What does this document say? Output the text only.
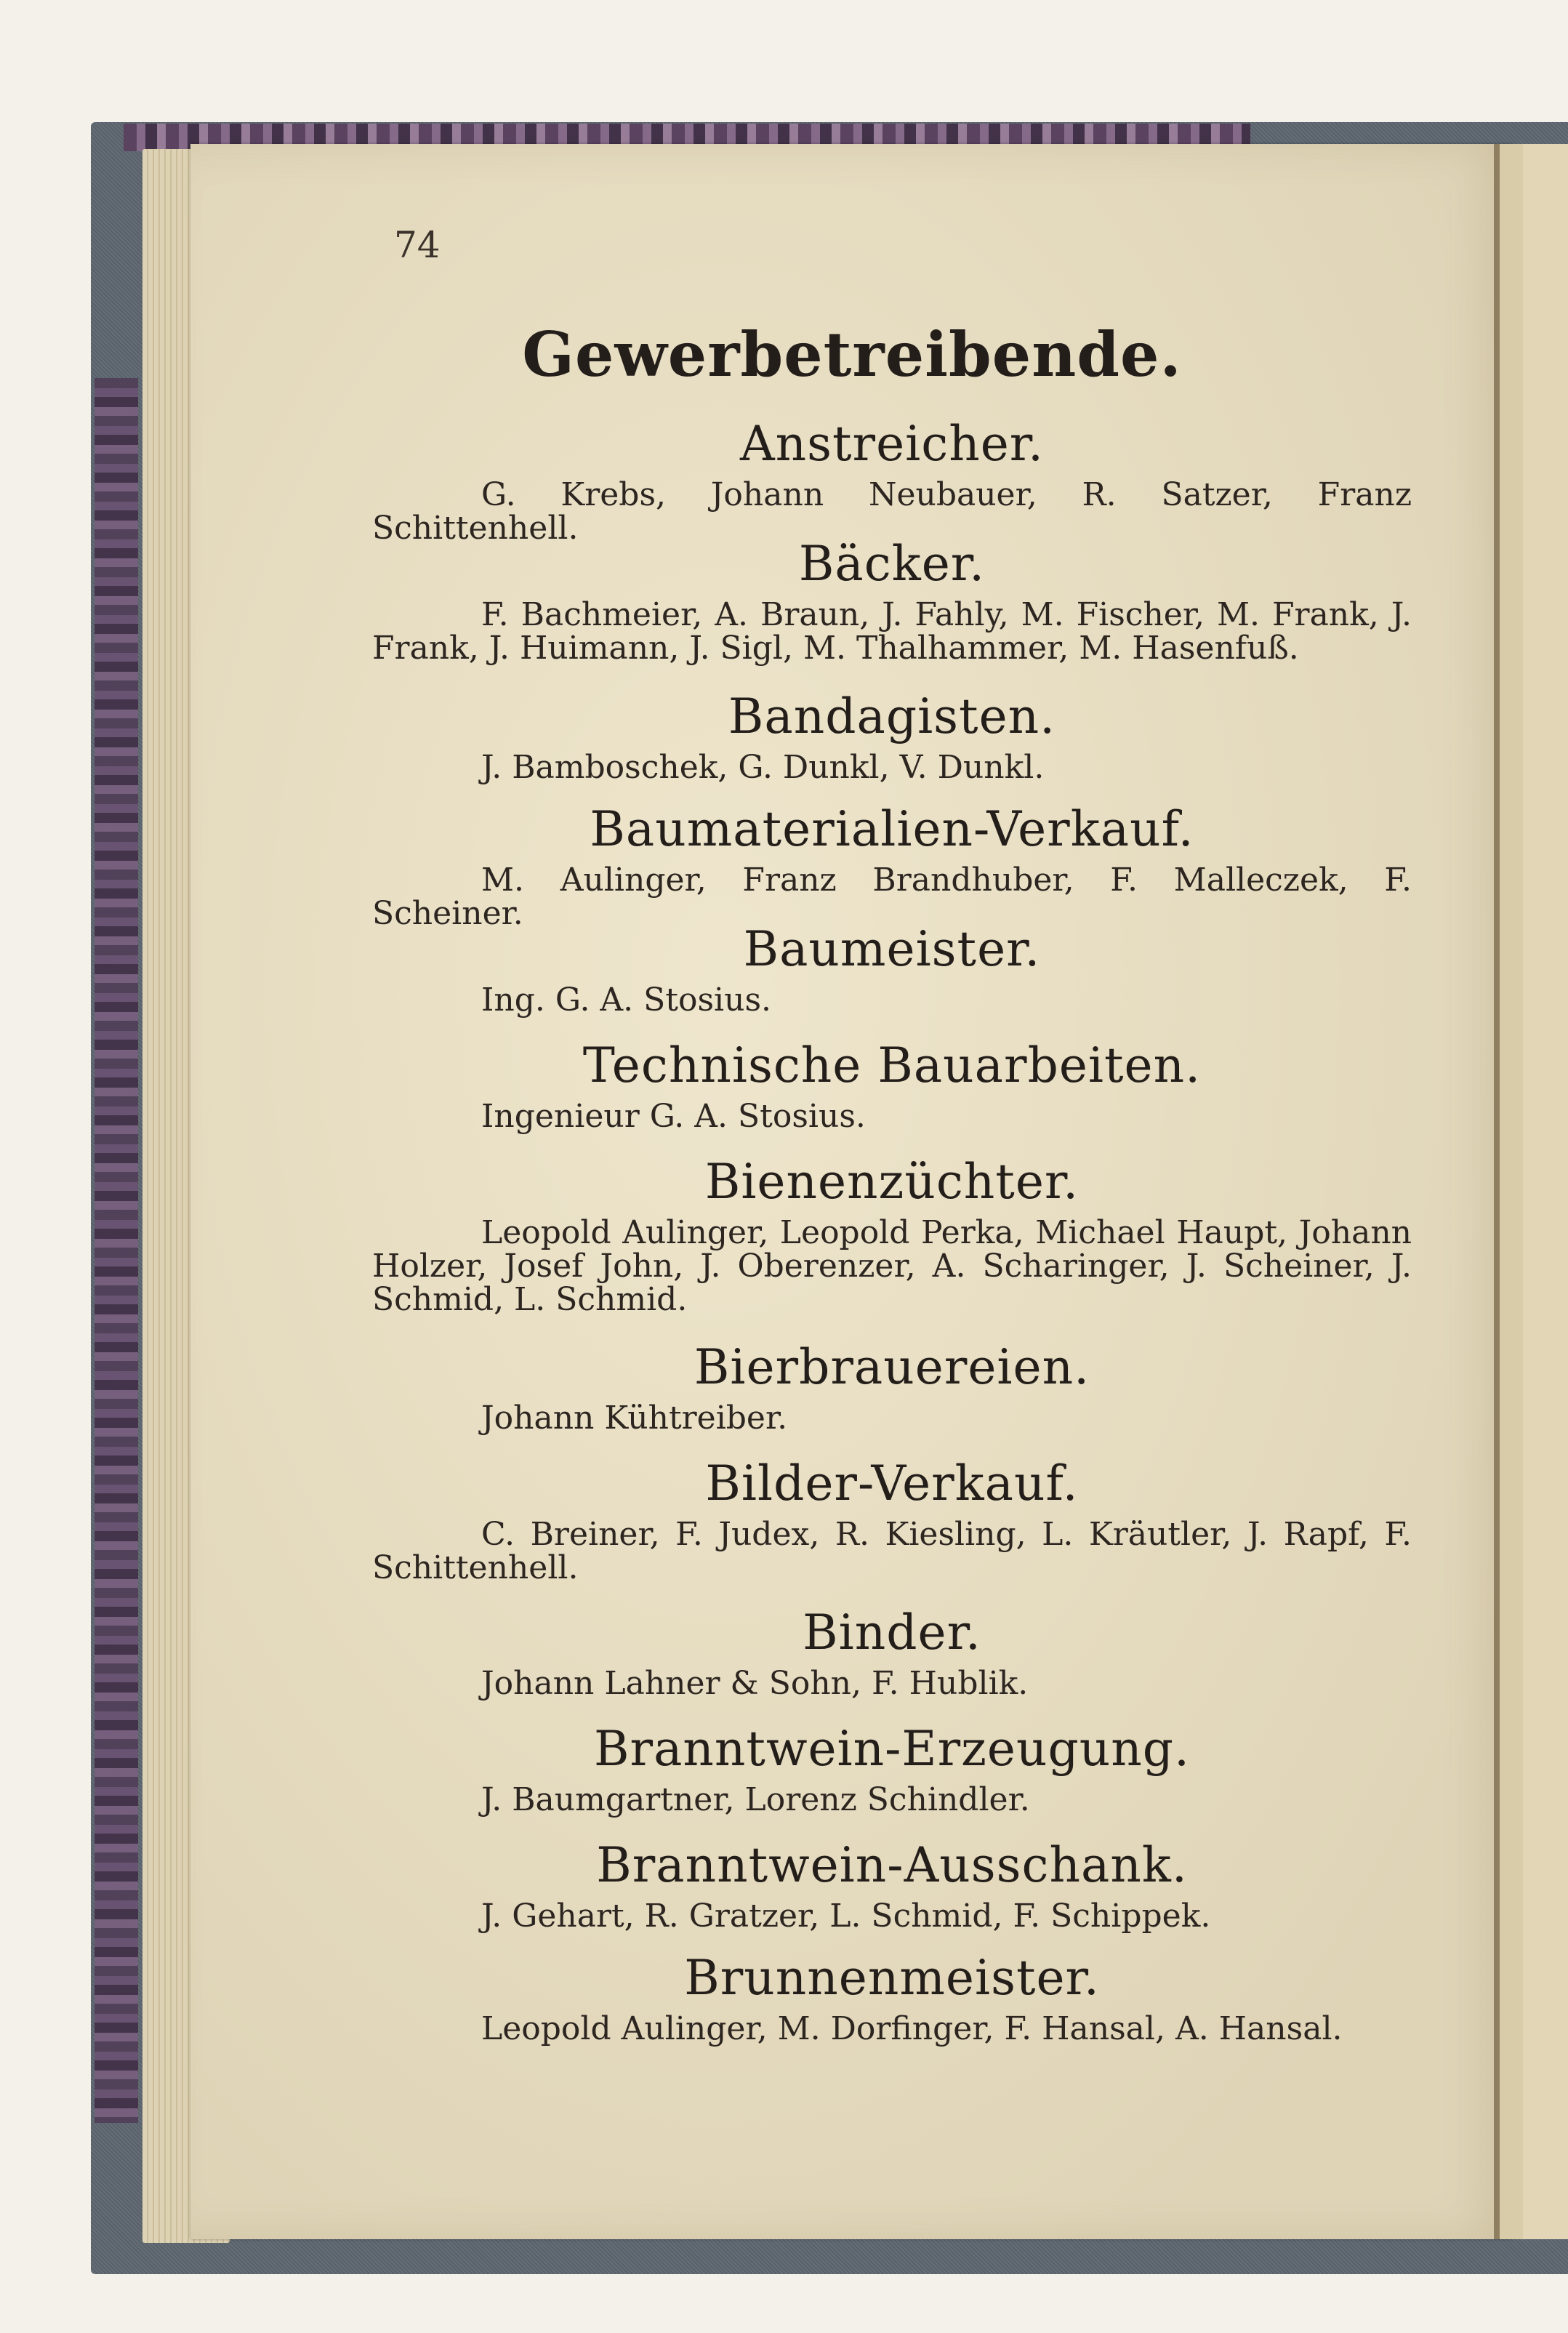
74
Gewerbetreibende.

Anstreicher.

G. Krebs, Johann Neubauer, R. Satzer, Franz Schittenhell.

Bäcker.

F. Bachmeier, A. Braun, J. Fahly, M. Fischer, M. Frank, J. Frank, J. Huimann, J. Sigl, M. Thalhammer, M. Hasenfuß.

Bandagisten.

J. Bamboschek, G. Dunkl, V. Dunkl.

Baumaterialien-Verkauf.

M. Aulinger, Franz Brandhuber, F. Malleczek, F. Scheiner.

Baumeister.

Ing. G. A. Stosius.

Technische Bauarbeiten.

Ingenieur G. A. Stosius.

Bienenzüchter.

Leopold Aulinger, Leopold Perka, Michael Haupt, Johann Holzer, Josef John, J. Oberenzer, A. Scharinger, J. Scheiner, J. Schmid, L. Schmid.

Bierbrauereien.

Johann Kühtreiber.

Bilder-Verkauf.

C. Breiner, F. Judex, R. Kiesling, L. Kräutler, J. Rapf, F. Schittenhell.

Binder.

Johann Lahner & Sohn, F. Hublik.

Branntwein-Erzeugung.

J. Baumgartner, Lorenz Schindler.

Branntwein-Ausschank.

J. Gehart, R. Gratzer, L. Schmid, F. Schippek.

Brunnenmeister.

Leopold Aulinger, M. Dorfinger, F. Hansal, A. Hansal.
